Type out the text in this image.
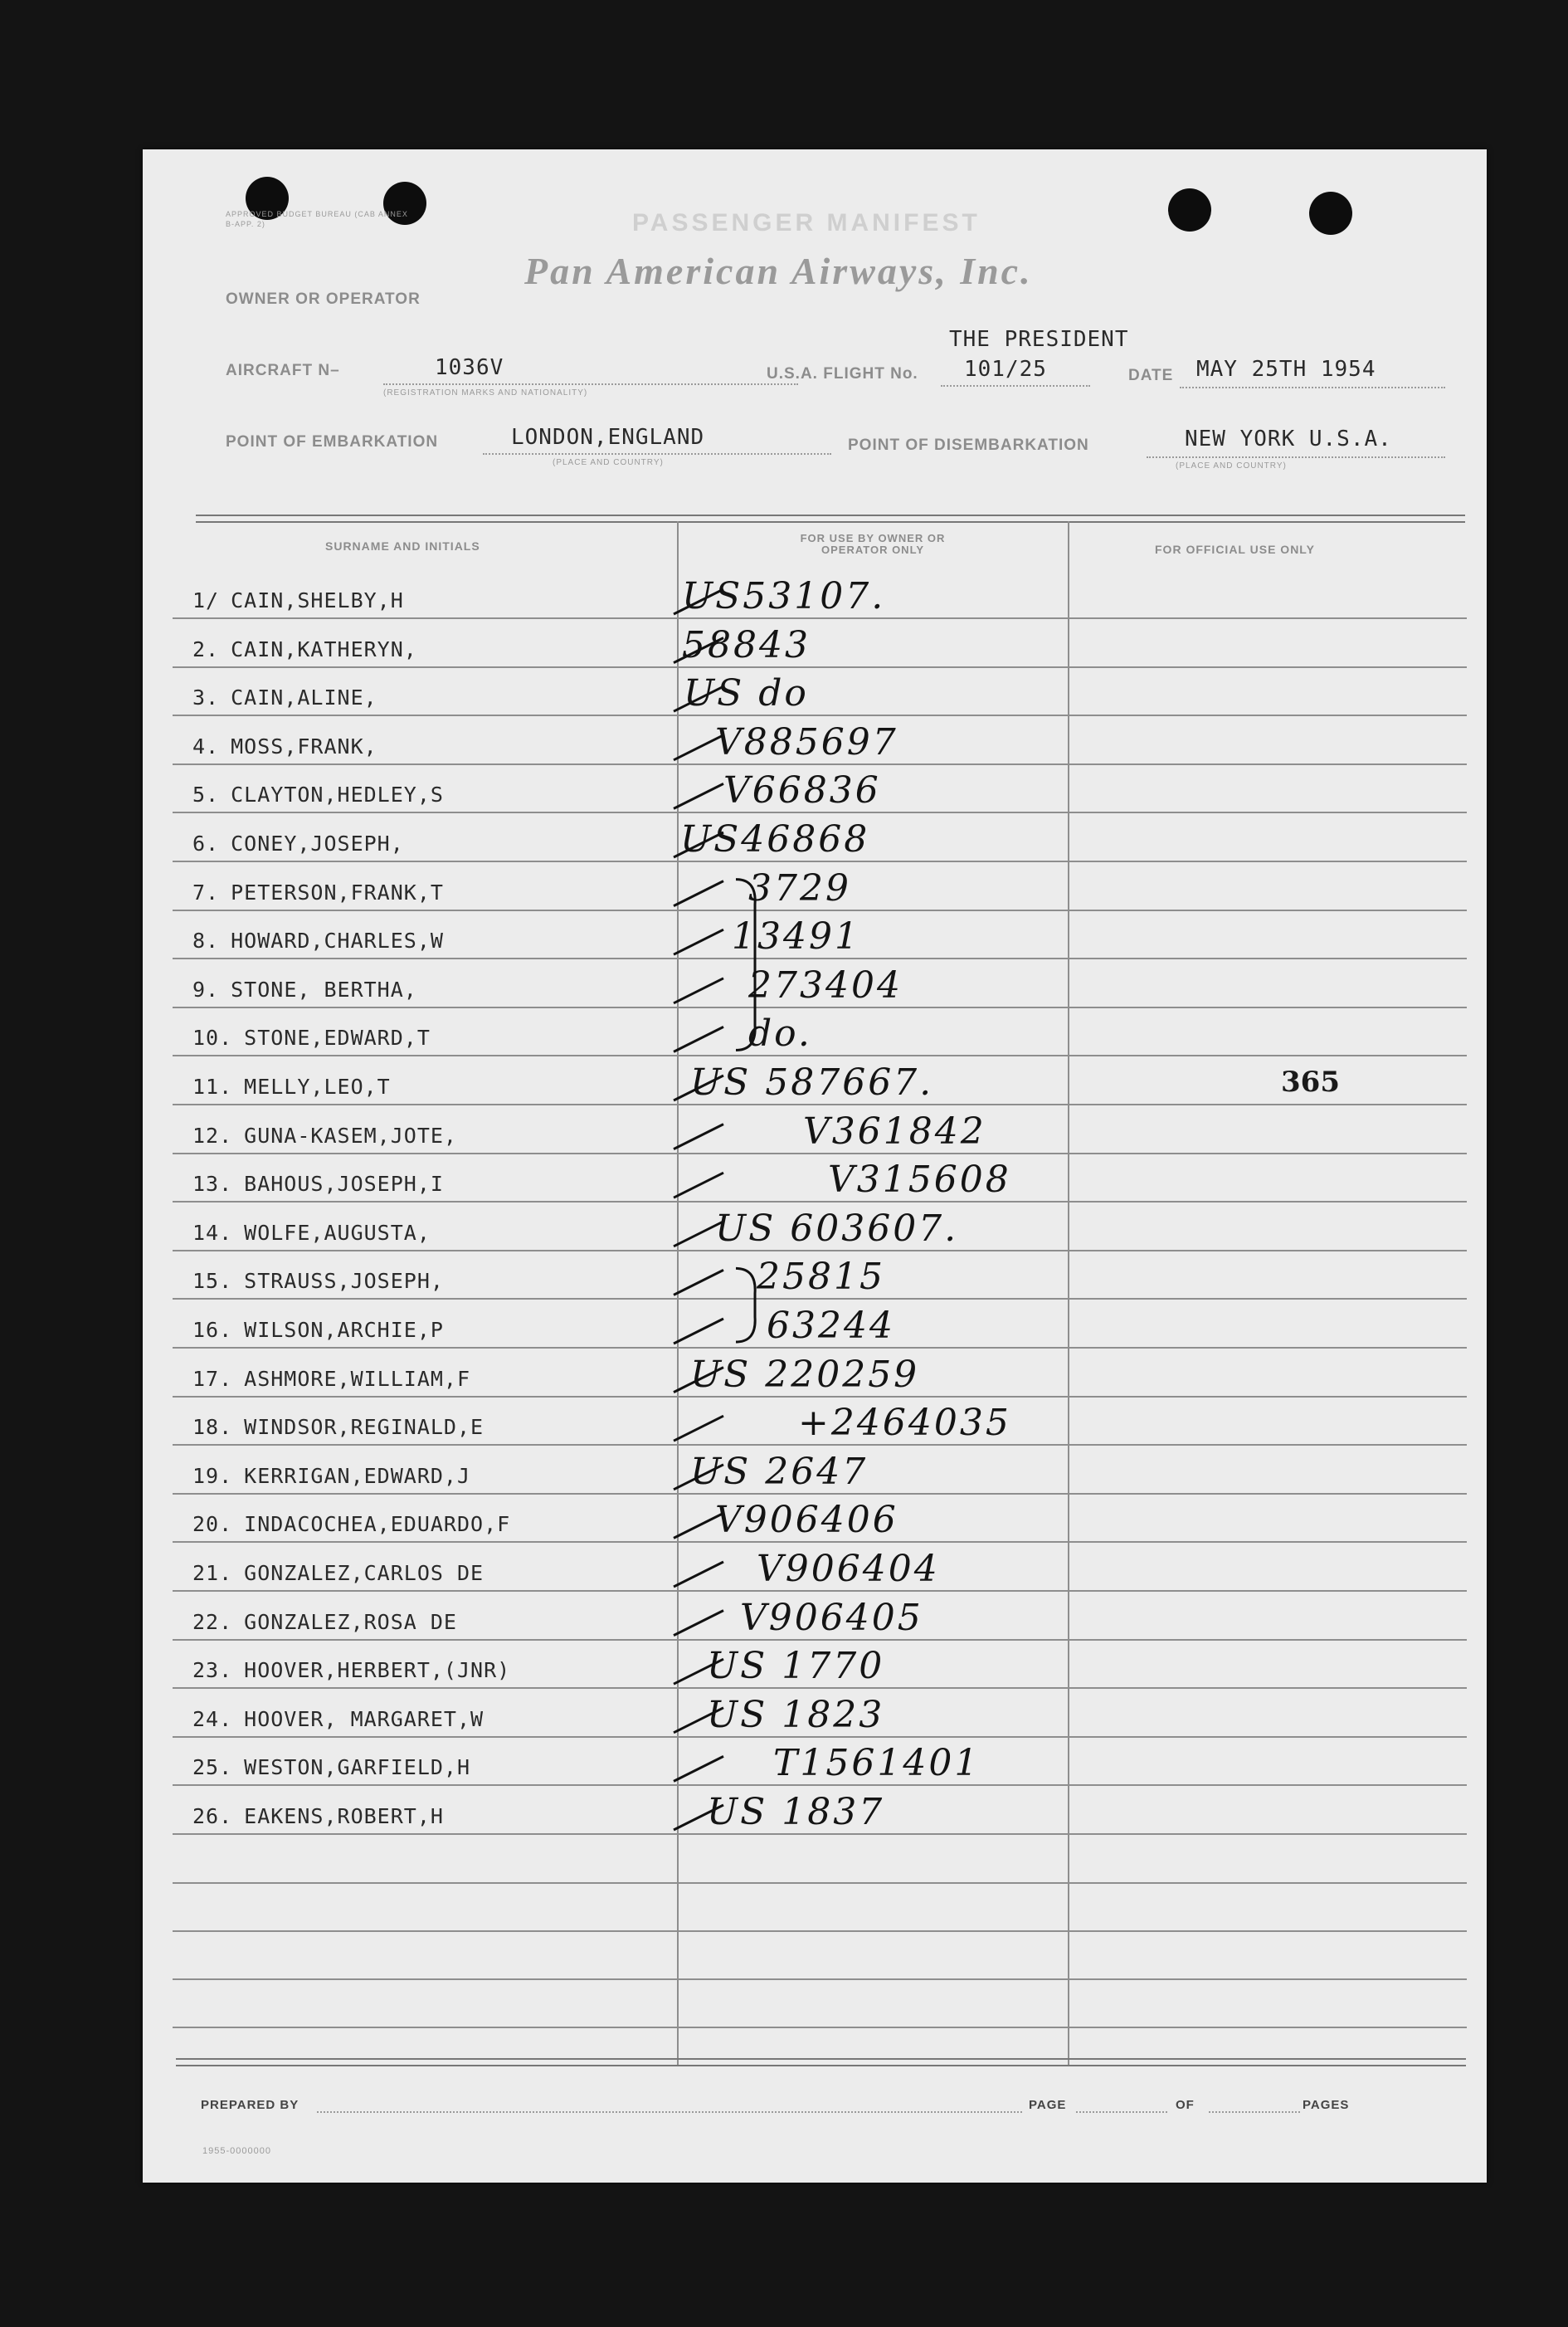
APPROVED BUDGET BUREAU (CAB ANNEX B-APP. 2)	PASSENGER MANIFEST
Pan American Airways, Inc.
OWNER OR OPERATOR
AIRCRAFT N–	1036V
(REGISTRATION MARKS AND NATIONALITY)
U.S.A. FLIGHT No.
THE PRESIDENT
101/25	DATE MAY 25TH 1954
POINT OF EMBARKATION	LONDON,ENGLAND
(PLACE AND COUNTRY)
POINT OF DISEMBARKATION	NEW YORK U.S.A.
(PLACE AND COUNTRY)
SURNAME AND INITIALS
FOR USE BY OWNER OR OPERATOR ONLY	FOR OFFICIAL USE ONLY
1/ CAIN,SHELBY,H	US53107.
2. CAIN,KATHERYN,	58843
3. CAIN,ALINE,	US do
4. MOSS,FRANK,	V885697
5. CLAYTON,HEDLEY,S	V66836
6. CONEY,JOSEPH,	US46868
7. PETERSON,FRANK,T	3729
8. HOWARD,CHARLES,W	13491
9. STONE, BERTHA,	273404
10. STONE,EDWARD,T	do.
11. MELLY,LEO,T	US 587667.	365
12. GUNA-KASEM,JOTE,	V361842
13. BAHOUS,JOSEPH,I	V315608
14. WOLFE,AUGUSTA,	US 603607.
15. STRAUSS,JOSEPH,	25815
16. WILSON,ARCHIE,P	63244
17. ASHMORE,WILLIAM,F	US 220259
18. WINDSOR,REGINALD,E	+2464035
19. KERRIGAN,EDWARD,J	US 2647
20. INDACOCHEA,EDUARDO,F	V906406
21. GONZALEZ,CARLOS DE	V906404
22. GONZALEZ,ROSA DE	V906405
23. HOOVER,HERBERT,(JNR)	US 1770
24. HOOVER, MARGARET,W	US 1823
25. WESTON,GARFIELD,H	T1561401
26. EAKENS,ROBERT,H	US 1837
PREPARED BY	PAGE	OF	PAGES
1955-0000000
